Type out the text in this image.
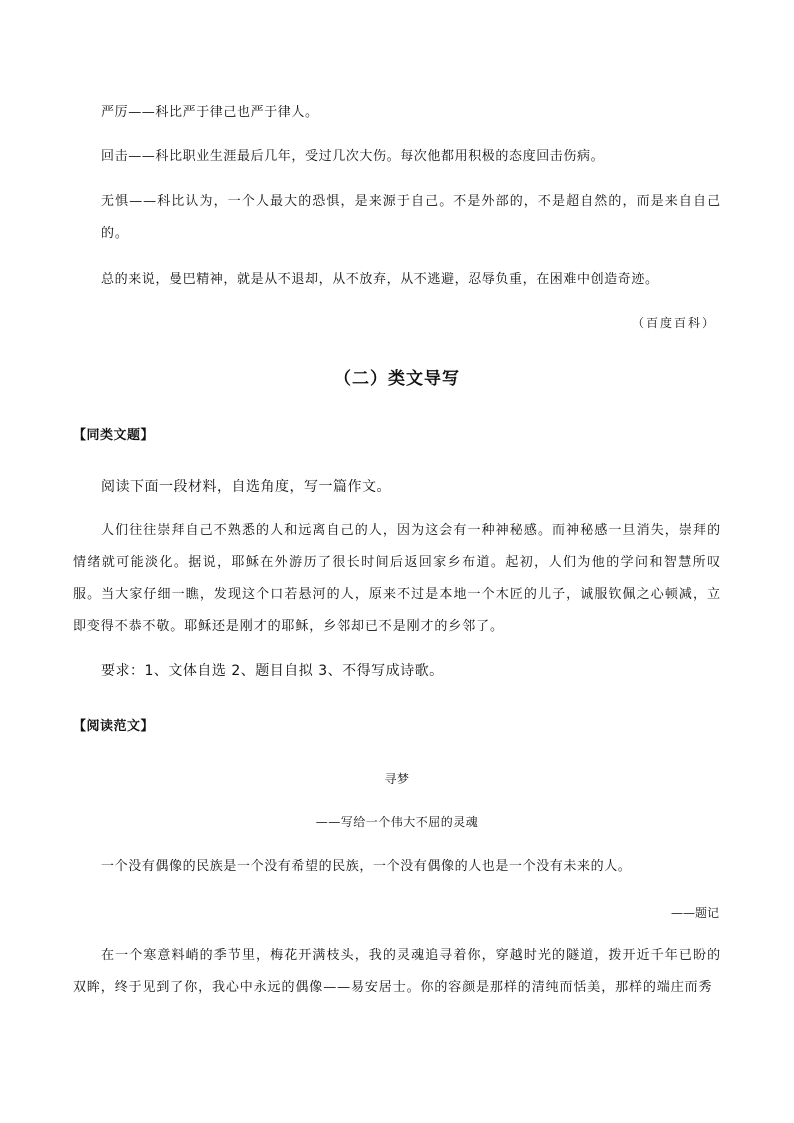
严厉——科比严于律己也严于律人。
回击——科比职业生涯最后几年，受过几次大伤。每次他都用积极的态度回击伤病。
无惧——科比认为，一个人最大的恐惧，是来源于自己。不是外部的，不是超自然的，而是来自自己的。
总的来说，曼巴精神，就是从不退却，从不放弃，从不逃避，忍辱负重，在困难中创造奇迹。
（百度百科）
（二）类文导写
【同类文题】
阅读下面一段材料，自选角度，写一篇作文。
人们往往崇拜自己不熟悉的人和远离自己的人，因为这会有一种神秘感。而神秘感一旦消失，崇拜的情绪就可能淡化。据说，耶稣在外游历了很长时间后返回家乡布道。起初，人们为他的学问和智慧所叹服。当大家仔细一瞧，发现这个口若悬河的人，原来不过是本地一个木匠的儿子，诚服钦佩之心顿减，立即变得不恭不敬。耶稣还是刚才的耶稣，乡邻却已不是刚才的乡邻了。
要求：1、文体自选 2、题目自拟 3、不得写成诗歌。
【阅读范文】
寻梦
——写给一个伟大不屈的灵魂
一个没有偶像的民族是一个没有希望的民族，一个没有偶像的人也是一个没有未来的人。
——题记
在一个寒意料峭的季节里，梅花开满枝头，我的灵魂追寻着你，穿越时光的隧道，拨开近千年已盼的双眸，终于见到了你，我心中永远的偶像——易安居士。你的容颜是那样的清纯而恬美，那样的端庄而秀
